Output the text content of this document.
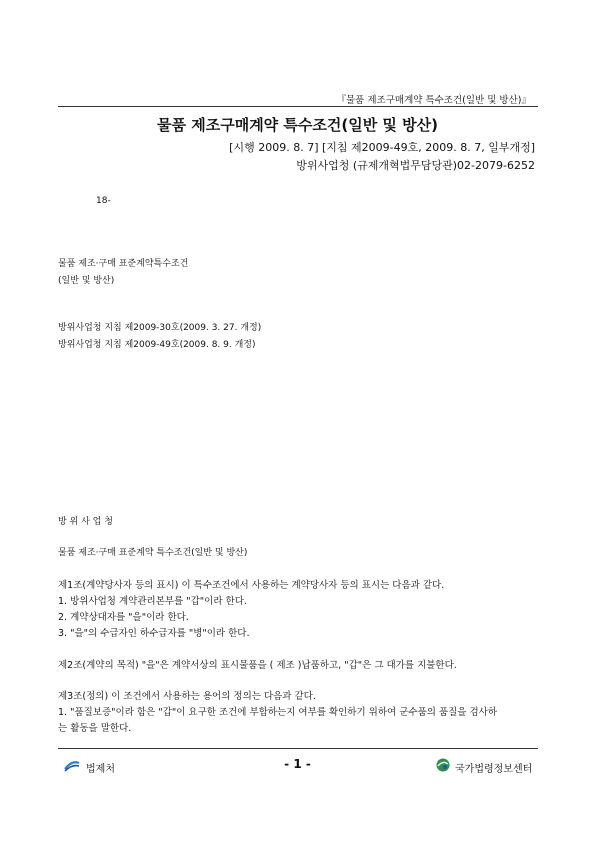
『물품 제조구매계약 특수조건(일반 및 방산)』
물품 제조구매계약 특수조건(일반 및 방산)
[시행 2009. 8. 7] [지침 제2009-49호, 2009. 8. 7, 일부개정]
방위사업청 (규제개혁법무담당관)02-2079-6252
18-
물품 제조·구매 표준계약특수조건
(일반 및 방산)
방위사업청 지침 제2009-30호(2009. 3. 27. 개정)
방위사업청 지침 제2009-49호(2009. 8. 9. 개정)
방 위 사 업 청
물품 제조·구매 표준계약 특수조건(일반 및 방산)
제1조(계약당사자 등의 표시) 이 특수조건에서 사용하는 계약당사자 등의 표시는 다음과 같다.
1. 방위사업청 계약관리본부를 "갑"이라 한다.
2. 계약상대자를 "을"이라 한다.
3. "을"의 수급자인 하수급자를 "병"이라 한다.
제2조(계약의 목적) "을"은 계약서상의 표시물품을 ( 제조 )납품하고, "갑"은 그 대가를 지불한다.
제3조(정의) 이 조건에서 사용하는 용어의 정의는 다음과 같다.
1. "품질보증"이라 함은 "갑"이 요구한 조건에 부합하는지 여부를 확인하기 위하여 군수품의 품질을 검사하
는 활동을 말한다.
법제처	- 1 -	국가법령정보센터
